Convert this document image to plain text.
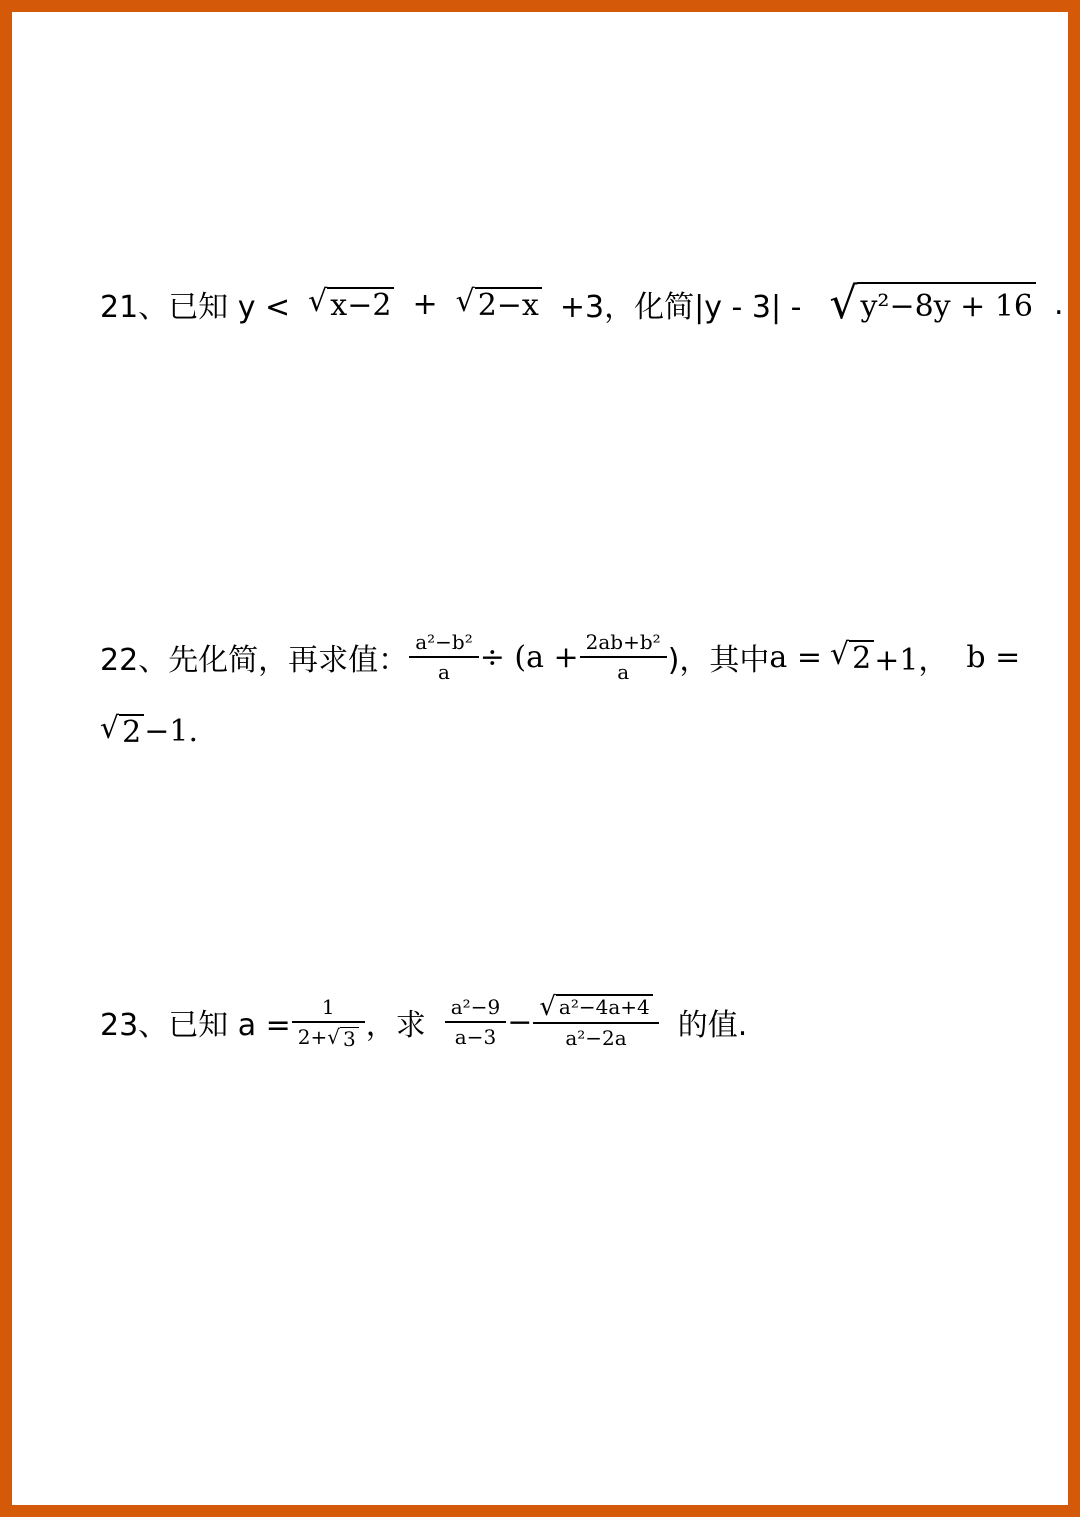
21、 已知 y < √ x−2 + √ 2−x +3， 化简|y - 3| - √ y²−8y + 16 .
22、 先化简，再求值： $\frac{\text{a²−b²}}{a} \div (a + \frac{\text{2ab+b²}}{a}$ )，其中 a = √ 2 +1， b =
√ 2 −1.
23、 已知 $a = \frac{1}{2+ √ 3}$ ， 求 $\frac{\text{a²−9}}{a-3} - \frac{\text{√ a²−4a+4}}{\text{a²−2a}}$ 的值.
